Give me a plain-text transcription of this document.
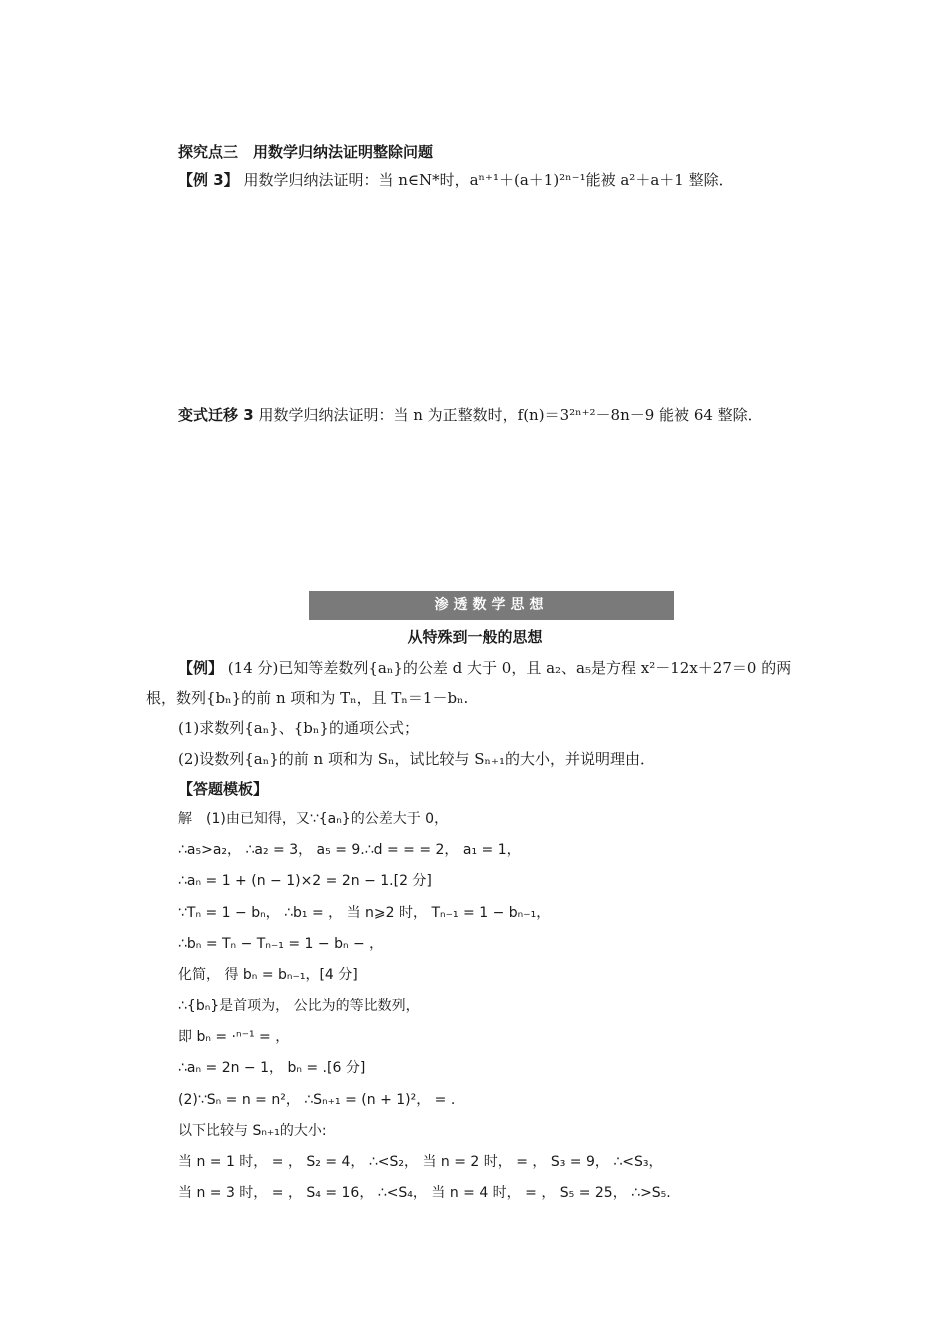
探究点三　用数学归纳法证明整除问题
【例 3】 用数学归纳法证明：当 n∈N*时，aⁿ⁺¹＋(a＋1)²ⁿ⁻¹能被 a²＋a＋1 整除．
变式迁移 3 用数学归纳法证明：当 n 为正整数时，f(n)＝3²ⁿ⁺²－8n－9 能被 64 整除．
渗透数学思想
从特殊到一般的思想
【例】 (14 分)已知等差数列{aₙ}的公差 d 大于 0，且 a₂、a₅是方程 x²－12x＋27＝0 的两
根，数列{bₙ}的前 n 项和为 Tₙ，且 Tₙ＝1－bₙ.
(1)求数列{aₙ}、{bₙ}的通项公式；
(2)设数列{aₙ}的前 n 项和为 Sₙ，试比较与 Sₙ₊₁的大小，并说明理由．
【答题模板】
解　(1)由已知得，又∵{aₙ}的公差大于 0，
∴a₅>a₂， ∴a₂ = 3， a₅ = 9.∴d = = = 2， a₁ = 1，
∴aₙ = 1 + (n − 1)×2 = 2n − 1.[2 分]
∵Tₙ = 1 − bₙ， ∴b₁ = ， 当 n⩾2 时， Tₙ₋₁ = 1 − bₙ₋₁，
∴bₙ = Tₙ − Tₙ₋₁ = 1 − bₙ − ，
化简， 得 bₙ = bₙ₋₁，[4 分]
∴{bₙ}是首项为， 公比为的等比数列，
即 bₙ = ·ⁿ⁻¹ = ，
∴aₙ = 2n − 1， bₙ = .[6 分]
(2)∵Sₙ = n = n²， ∴Sₙ₊₁ = (n + 1)²， = .
以下比较与 Sₙ₊₁的大小:
当 n = 1 时， = ， S₂ = 4， ∴<S₂， 当 n = 2 时， = ， S₃ = 9， ∴<S₃，
当 n = 3 时， = ， S₄ = 16， ∴<S₄， 当 n = 4 时， = ， S₅ = 25， ∴>S₅.
